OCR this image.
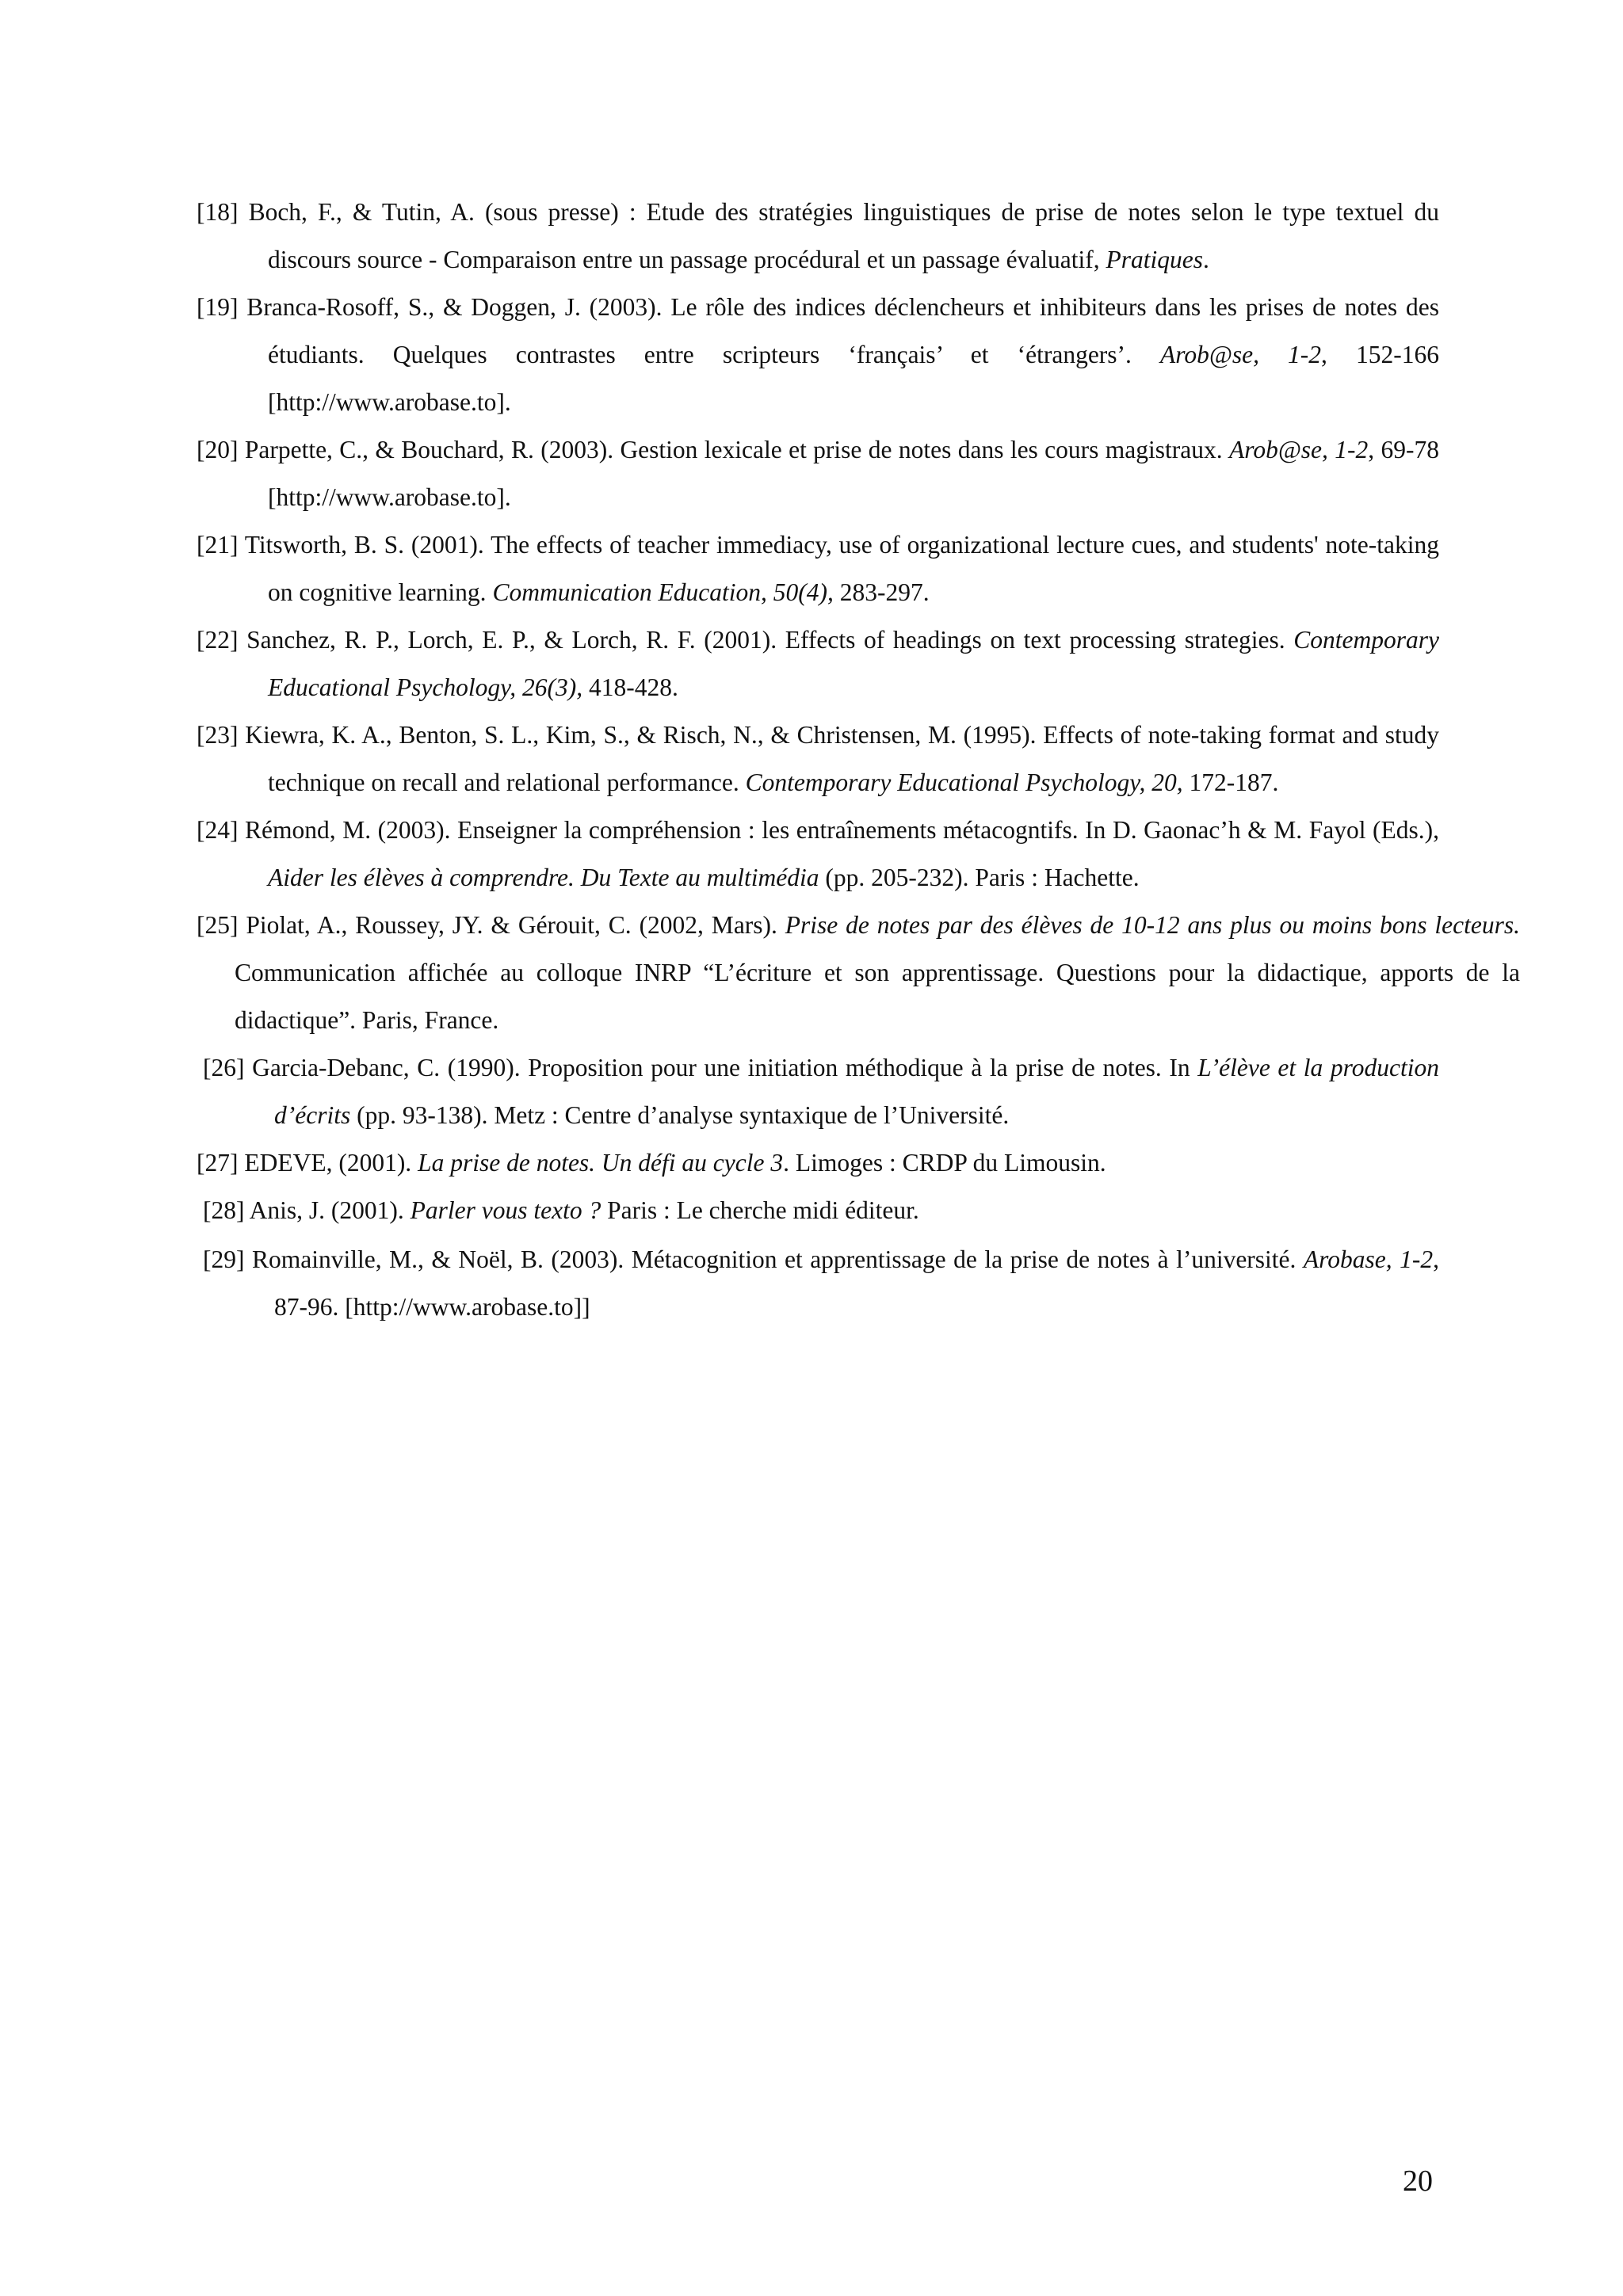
[18] Boch, F., & Tutin, A. (sous presse) : Etude des stratégies linguistiques de prise de notes selon le type textuel du discours source - Comparaison entre un passage procédural et un passage évaluatif, Pratiques.

[19] Branca-Rosoff, S., & Doggen, J. (2003). Le rôle des indices déclencheurs et inhibiteurs dans les prises de notes des étudiants. Quelques contrastes entre scripteurs ‘français’ et ‘étrangers’. Arob@se, 1-2, 152-166 [http://www.arobase.to].

[20] Parpette, C., & Bouchard, R. (2003). Gestion lexicale et prise de notes dans les cours magistraux. Arob@se, 1-2, 69-78 [http://www.arobase.to].

[21] Titsworth, B. S. (2001). The effects of teacher immediacy, use of organizational lecture cues, and students' note-taking on cognitive learning. Communication Education, 50(4), 283-297.

[22] Sanchez, R. P., Lorch, E. P., & Lorch, R. F. (2001). Effects of headings on text processing strategies. Contemporary Educational Psychology, 26(3), 418-428.

[23] Kiewra, K. A., Benton, S. L., Kim, S., & Risch, N., & Christensen, M. (1995). Effects of note-taking format and study technique on recall and relational performance. Contemporary Educational Psychology, 20, 172-187.

[24] Rémond, M. (2003). Enseigner la compréhension : les entraînements métacogntifs. In D. Gaonac’h & M. Fayol (Eds.), Aider les élèves à comprendre. Du Texte au multimédia (pp. 205-232). Paris : Hachette.

[25] Piolat, A., Roussey, JY. & Gérouit, C. (2002, Mars). Prise de notes par des élèves de 10-12 ans plus ou moins bons lecteurs. Communication affichée au colloque INRP “L’écriture et son apprentissage. Questions pour la didactique, apports de la didactique”. Paris, France.

[26] Garcia-Debanc, C. (1990). Proposition pour une initiation méthodique à la prise de notes. In L’élève et la production d’écrits (pp. 93-138). Metz : Centre d’analyse syntaxique de l’Université.

[27] EDEVE, (2001). La prise de notes. Un défi au cycle 3. Limoges : CRDP du Limousin.

[28] Anis, J. (2001). Parler vous texto ? Paris : Le cherche midi éditeur.

[29] Romainville, M., & Noël, B. (2003). Métacognition et apprentissage de la prise de notes à l’université. Arobase, 1-2, 87-96. [http://www.arobase.to]]

20
